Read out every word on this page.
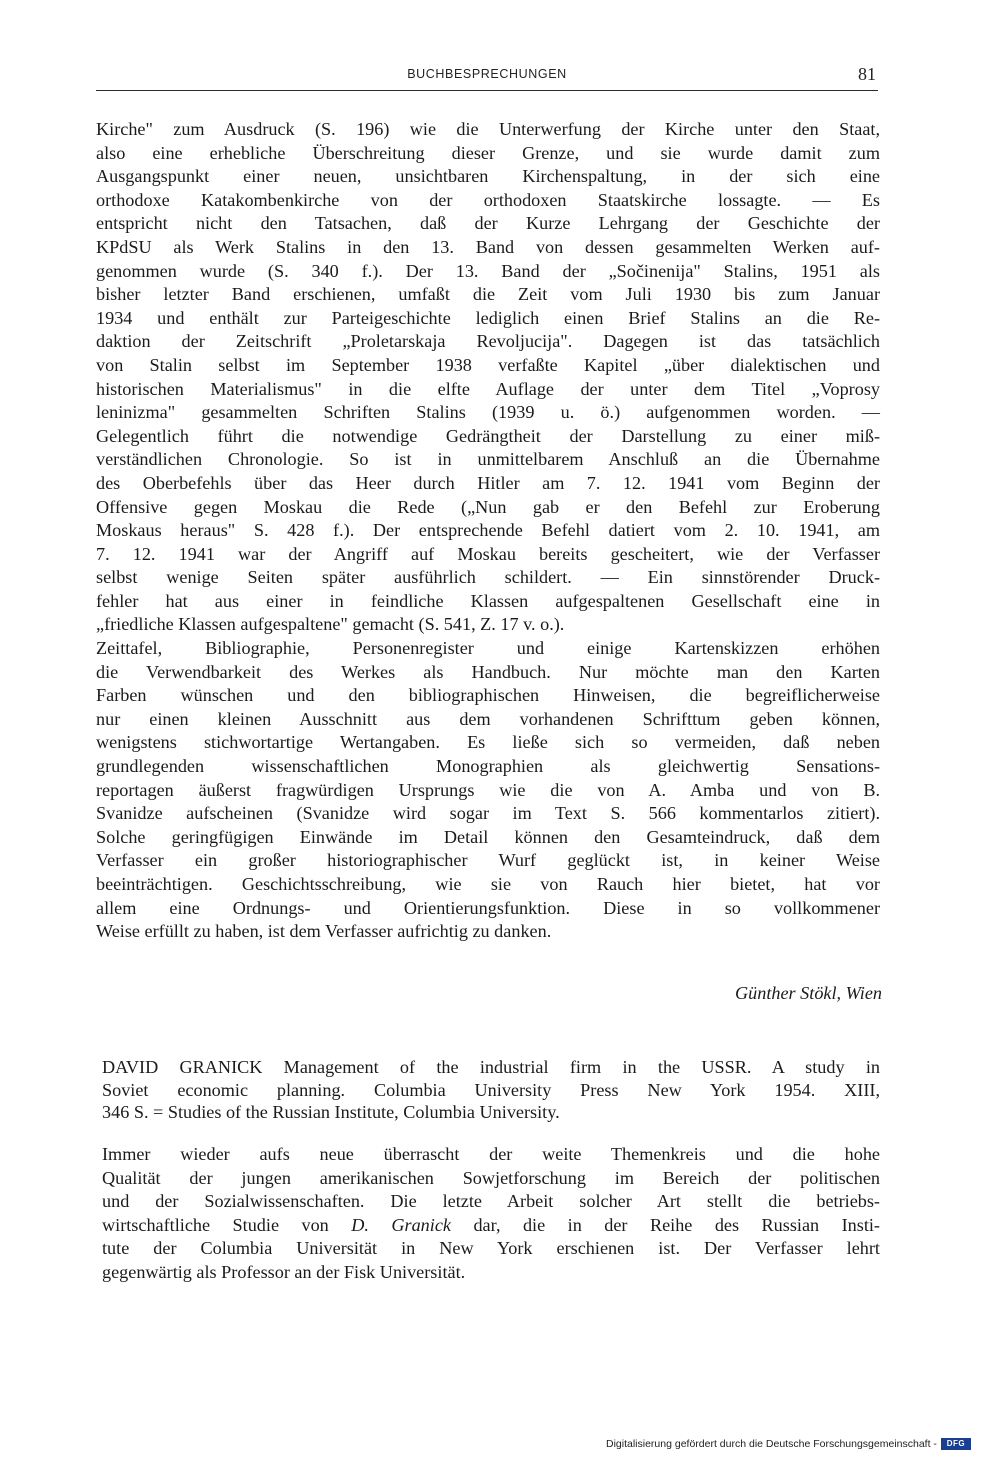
BUCHBESPRECHUNGEN	81

Kirche" zum Ausdruck (S. 196) wie die Unterwerfung der Kirche unter den Staat,
also eine erhebliche Überschreitung dieser Grenze, und sie wurde damit zum
Ausgangspunkt einer neuen, unsichtbaren Kirchenspaltung, in der sich eine
orthodoxe Katakombenkirche von der orthodoxen Staatskirche lossagte. — Es
entspricht nicht den Tatsachen, daß der Kurze Lehrgang der Geschichte der
KPdSU als Werk Stalins in den 13. Band von dessen gesammelten Werken auf-
genommen wurde (S. 340 f.). Der 13. Band der „Sočinenija" Stalins, 1951 als
bisher letzter Band erschienen, umfaßt die Zeit vom Juli 1930 bis zum Januar
1934 und enthält zur Parteigeschichte lediglich einen Brief Stalins an die Re-
daktion der Zeitschrift „Proletarskaja Revoljucija". Dagegen ist das tatsächlich
von Stalin selbst im September 1938 verfaßte Kapitel „über dialektischen und
historischen Materialismus" in die elfte Auflage der unter dem Titel „Voprosy
leninizma" gesammelten Schriften Stalins (1939 u. ö.) aufgenommen worden. —
Gelegentlich führt die notwendige Gedrängtheit der Darstellung zu einer miß-
verständlichen Chronologie. So ist in unmittelbarem Anschluß an die Übernahme
des Oberbefehls über das Heer durch Hitler am 7. 12. 1941 vom Beginn der
Offensive gegen Moskau die Rede („Nun gab er den Befehl zur Eroberung
Moskaus heraus" S. 428 f.). Der entsprechende Befehl datiert vom 2. 10. 1941, am
7. 12. 1941 war der Angriff auf Moskau bereits gescheitert, wie der Verfasser
selbst wenige Seiten später ausführlich schildert. — Ein sinnstörender Druck-
fehler hat aus einer in feindliche Klassen aufgespaltenen Gesellschaft eine in
„friedliche Klassen aufgespaltene" gemacht (S. 541, Z. 17 v. o.).

Zeittafel, Bibliographie, Personenregister und einige Kartenskizzen erhöhen
die Verwendbarkeit des Werkes als Handbuch. Nur möchte man den Karten
Farben wünschen und den bibliographischen Hinweisen, die begreiflicherweise
nur einen kleinen Ausschnitt aus dem vorhandenen Schrifttum geben können,
wenigstens stichwortartige Wertangaben. Es ließe sich so vermeiden, daß neben
grundlegenden wissenschaftlichen Monographien als gleichwertig Sensations-
reportagen äußerst fragwürdigen Ursprungs wie die von A. Amba und von B.
Svanidze aufscheinen (Svanidze wird sogar im Text S. 566 kommentarlos zitiert).
Solche geringfügigen Einwände im Detail können den Gesamteindruck, daß dem
Verfasser ein großer historiographischer Wurf geglückt ist, in keiner Weise
beeinträchtigen. Geschichtsschreibung, wie sie von Rauch hier bietet, hat vor
allem eine Ordnungs- und Orientierungsfunktion. Diese in so vollkommener
Weise erfüllt zu haben, ist dem Verfasser aufrichtig zu danken.

Günther Stökl, Wien
DAVID GRANICK Management of the industrial firm in the USSR. A study in
Soviet economic planning. Columbia University Press New York 1954. XIII,
346 S. = Studies of the Russian Institute, Columbia University.
Immer wieder aufs neue überrascht der weite Themenkreis und die hohe
Qualität der jungen amerikanischen Sowjetforschung im Bereich der politischen
und der Sozialwissenschaften. Die letzte Arbeit solcher Art stellt die betriebs-
wirtschaftliche Studie von D. Granick dar, die in der Reihe des Russian Insti-
tute der Columbia Universität in New York erschienen ist. Der Verfasser lehrt
gegenwärtig als Professor an der Fisk Universität.
Digitalisierung gefördert durch die Deutsche Forschungsgemeinschaft -	DFG
